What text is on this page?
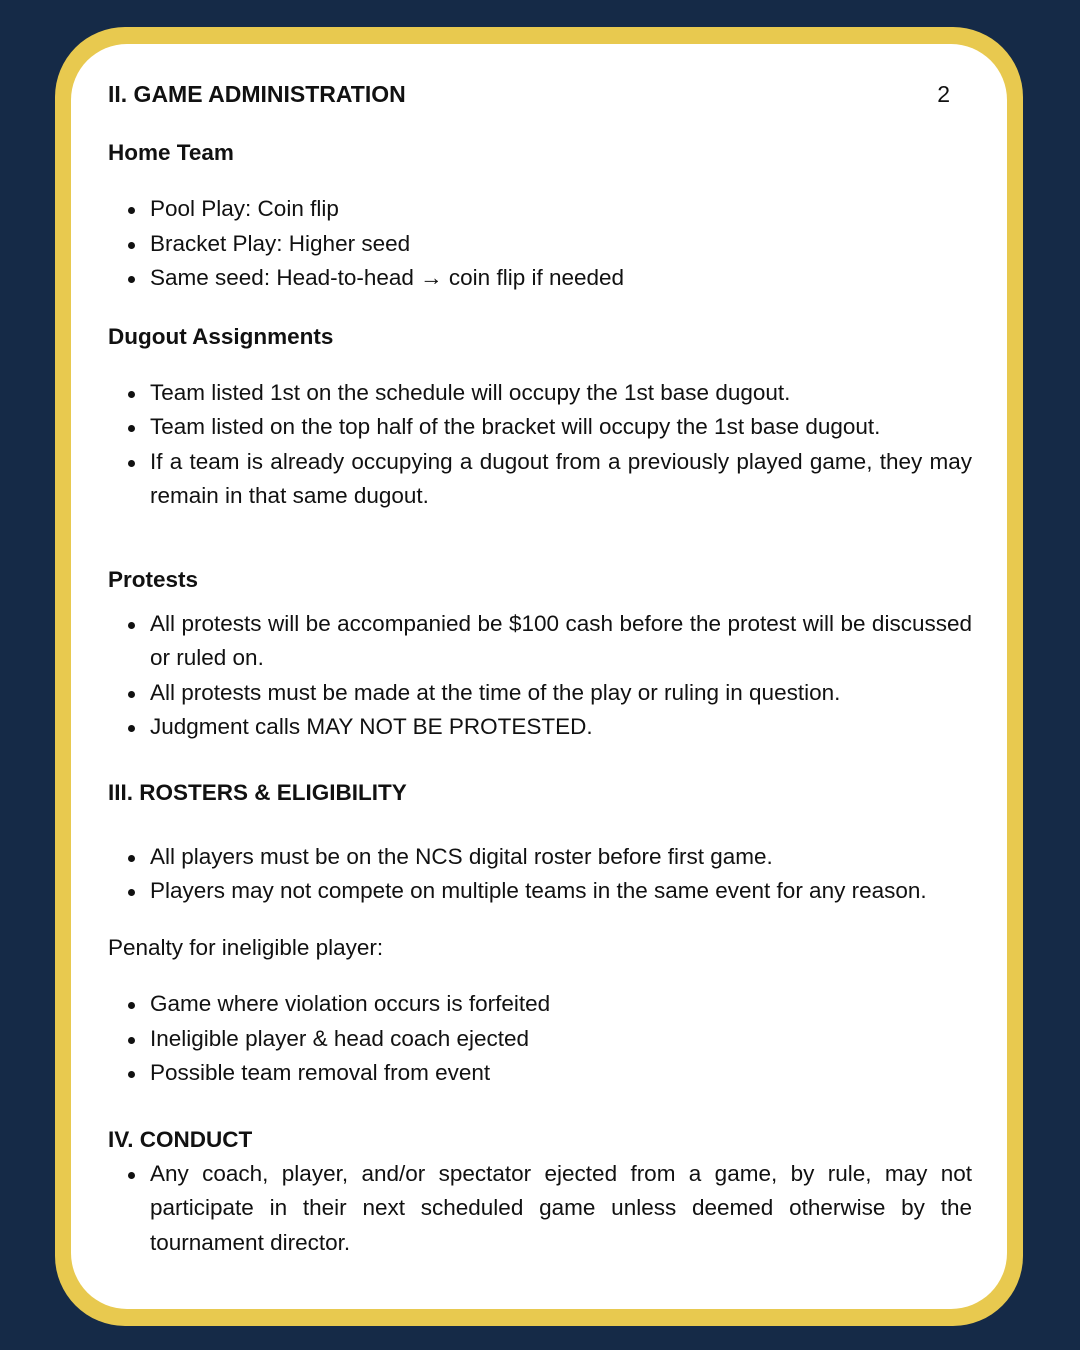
II. GAME ADMINISTRATION	2
Home Team
Pool Play: Coin flip
Bracket Play: Higher seed
Same seed: Head-to-head → coin flip if needed
Dugout Assignments
Team listed 1st on the schedule will occupy the 1st base dugout.
Team listed on the top half of the bracket will occupy the 1st base dugout.
If a team is already occupying a dugout from a previously played game, they may remain in that same dugout.
Protests
All protests will be accompanied be $100 cash before the protest will be discussed or ruled on.
All protests must be made at the time of the play or ruling in question.
Judgment calls MAY NOT BE PROTESTED.
III. ROSTERS & ELIGIBILITY
All players must be on the NCS digital roster before first game.
Players may not compete on multiple teams in the same event for any reason.

Penalty for ineligible player:

Game where violation occurs is forfeited
Ineligible player & head coach ejected
Possible team removal from event
IV. CONDUCT
Any coach, player, and/or spectator ejected from a game, by rule, may not participate in their next scheduled game unless deemed otherwise by the tournament director.
